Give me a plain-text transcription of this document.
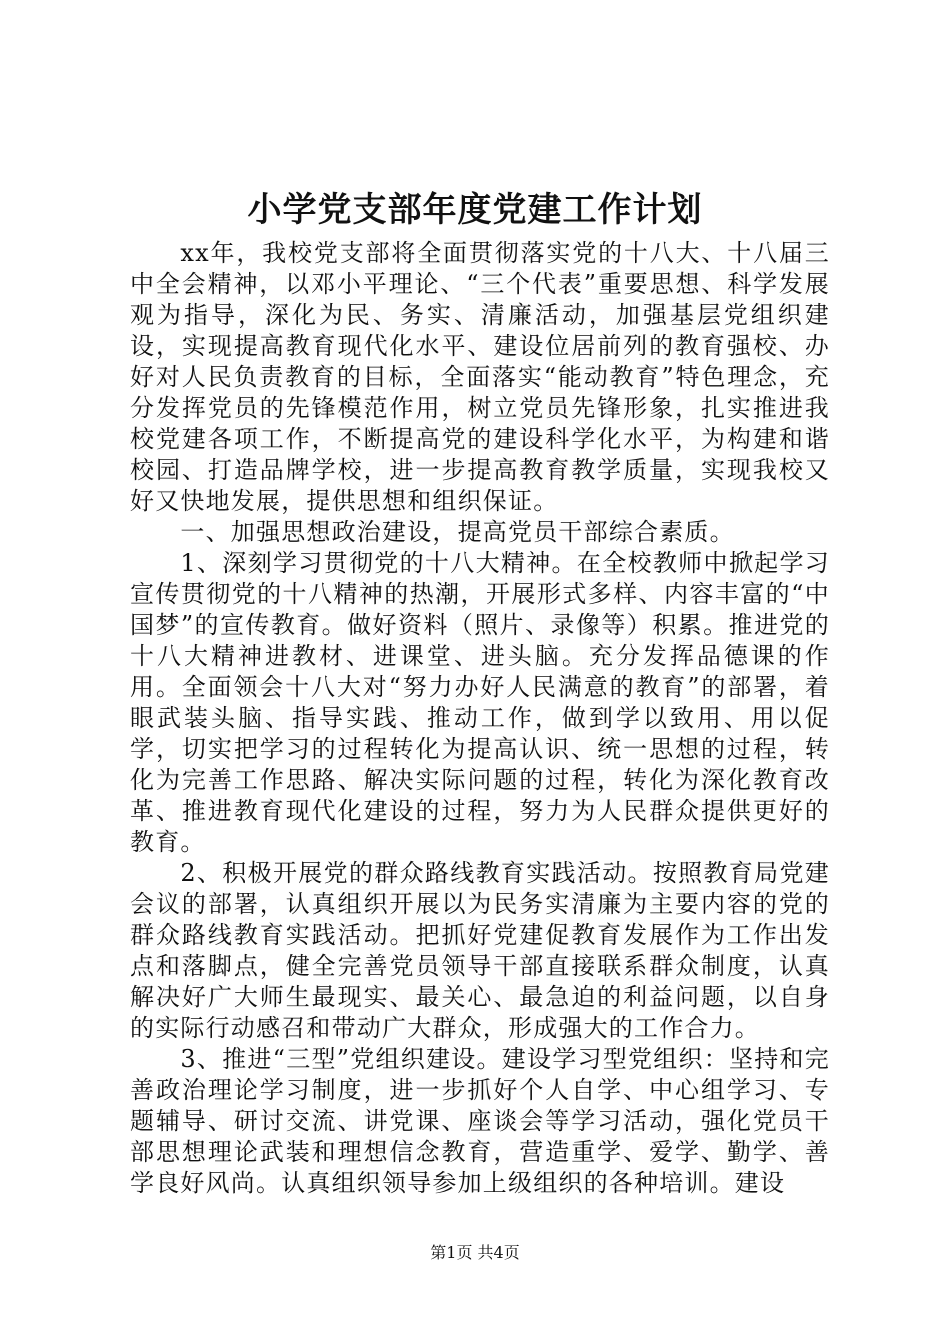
小学党支部年度党建工作计划

xx年，我校党支部将全面贯彻落实党的十八大、十八届三中全会精神，以邓小平理论、“三个代表”重要思想、科学发展观为指导，深化为民、务实、清廉活动，加强基层党组织建设，实现提高教育现代化水平、建设位居前列的教育强校、办好对人民负责教育的目标，全面落实“能动教育”特色理念，充分发挥党员的先锋模范作用，树立党员先锋形象，扎实推进我校党建各项工作，不断提高党的建设科学化水平，为构建和谐校园、打造品牌学校，进一步提高教育教学质量，实现我校又好又快地发展，提供思想和组织保证。

一、加强思想政治建设，提高党员干部综合素质。

1、深刻学习贯彻党的十八大精神。在全校教师中掀起学习宣传贯彻党的十八精神的热潮，开展形式多样、内容丰富的“中国梦”的宣传教育。做好资料（照片、录像等）积累。推进党的十八大精神进教材、进课堂、进头脑。充分发挥品德课的作用。全面领会十八大对“努力办好人民满意的教育”的部署，着眼武装头脑、指导实践、推动工作，做到学以致用、用以促学，切实把学习的过程转化为提高认识、统一思想的过程，转化为完善工作思路、解决实际问题的过程，转化为深化教育改革、推进教育现代化建设的过程，努力为人民群众提供更好的教育。

2、积极开展党的群众路线教育实践活动。按照教育局党建会议的部署，认真组织开展以为民务实清廉为主要内容的党的群众路线教育实践活动。把抓好党建促教育发展作为工作出发点和落脚点，健全完善党员领导干部直接联系群众制度，认真解决好广大师生最现实、最关心、最急迫的利益问题，以自身的实际行动感召和带动广大群众，形成强大的工作合力。

3、推进“三型”党组织建设。建设学习型党组织：坚持和完善政治理论学习制度，进一步抓好个人自学、中心组学习、专题辅导、研讨交流、讲党课、座谈会等学习活动，强化党员干部思想理论武装和理想信念教育，营造重学、爱学、勤学、善学良好风尚。认真组织领导参加上级组织的各种培训。建设

第1页 共4页
